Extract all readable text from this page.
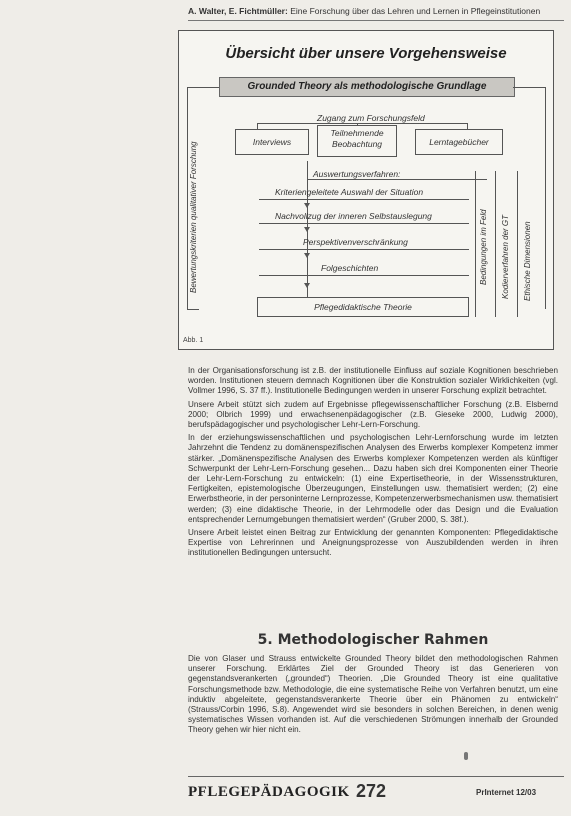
A. Walter, E. Fichtmüller: Eine Forschung über das Lehren und Lernen in Pflegeinstitutionen
Übersicht über unsere Vorgehensweise
Grounded Theory als methodologische Grundlage
Bewertungskriterien qualitativer Forschung
Zugang zum Forschungsfeld
Interviews
Teilnehmende Beobachtung	Lerntagebücher
Auswertungsverfahren:
Kriteriengeleitete Auswahl der Situation
Nachvollzug der inneren Selbstauslegung
Perspektivenverschränkung
Folgeschichten
Pflegedidaktische Theorie
Bedingungen im Feld Kodierverfahren der GT Ethische Dimensionen
Abb. 1

In der Organisationsforschung ist z.B. der institutionelle Einfluss auf soziale Kognitionen beschrieben worden. Institutionen steuern demnach Kognitionen über die Konstruktion sozialer Wirklichkeiten (vgl. Vollmer 1996, S. 37 ff.). Institutionelle Bedingungen werden in unserer Forschung explizit betrachtet.

Unsere Arbeit stützt sich zudem auf Ergebnisse pflegewissenschaftlicher Forschung (z.B. Elsbernd 2000; Olbrich 1999) und erwachsenenpädagogischer (z.B. Gieseke 2000, Ludwig 2000), berufspädagogischer und psychologischer Lehr-Lern-Forschung.

In der erziehungswissenschaftlichen und psychologischen Lehr-Lernforschung wurde im letzten Jahrzehnt die Tendenz zu domänenspezifischen Analysen des Erwerbs komplexer Kompetenz immer stärker. „Domänenspezifische Analysen des Erwerbs komplexer Kompetenzen werden als künftiger Schwerpunkt der Lehr-Lern-Forschung gesehen... Dazu haben sich drei Komponenten einer Theorie der Lehr-Lern-Forschung zu entwickeln: (1) eine Expertisetheorie, in der Wissensstrukturen, Fertigkeiten, epistemologische Überzeugungen, Einstellungen usw. thematisiert werden; (2) eine Erwerbstheorie, in der personinterne Lernprozesse, Kompetenzerwerbsmechanismen usw. thematisiert werden; (3) eine didaktische Theorie, in der Lehrmodelle oder das Design und die Evaluation entsprechender Lernumgebungen thematisiert werden“ (Gruber 2000, S. 38f.).

Unsere Arbeit leistet einen Beitrag zur Entwicklung der genannten Komponenten: Pflegedidaktische Expertise von Lehrerinnen und Aneignungsprozesse von Auszubildenden werden in ihren institutionellen Bedingungen untersucht.

5. Methodologischer Rahmen

Die von Glaser und Strauss entwickelte Grounded Theory bildet den methodologischen Rahmen unserer Forschung. Erklärtes Ziel der Grounded Theory ist das Generieren von gegenstandsverankerten („grounded“) Theorien. „Die Grounded Theory ist eine qualitative Forschungsmethode bzw. Methodologie, die eine systematische Reihe von Verfahren benutzt, um eine induktiv abgeleitete, gegenstandsverankerte Theorie über ein Phänomen zu entwickeln“ (Strauss/Corbin 1996, S.8). Angewendet wird sie besonders in solchen Bereichen, in denen wenig systematisches Wissen vorhanden ist. Auf die verschiedenen Strömungen innerhalb der Grounded Theory gehen wir hier nicht ein.

PFLEGEPÄDAGOGIK 272	PrInternet 12/03
